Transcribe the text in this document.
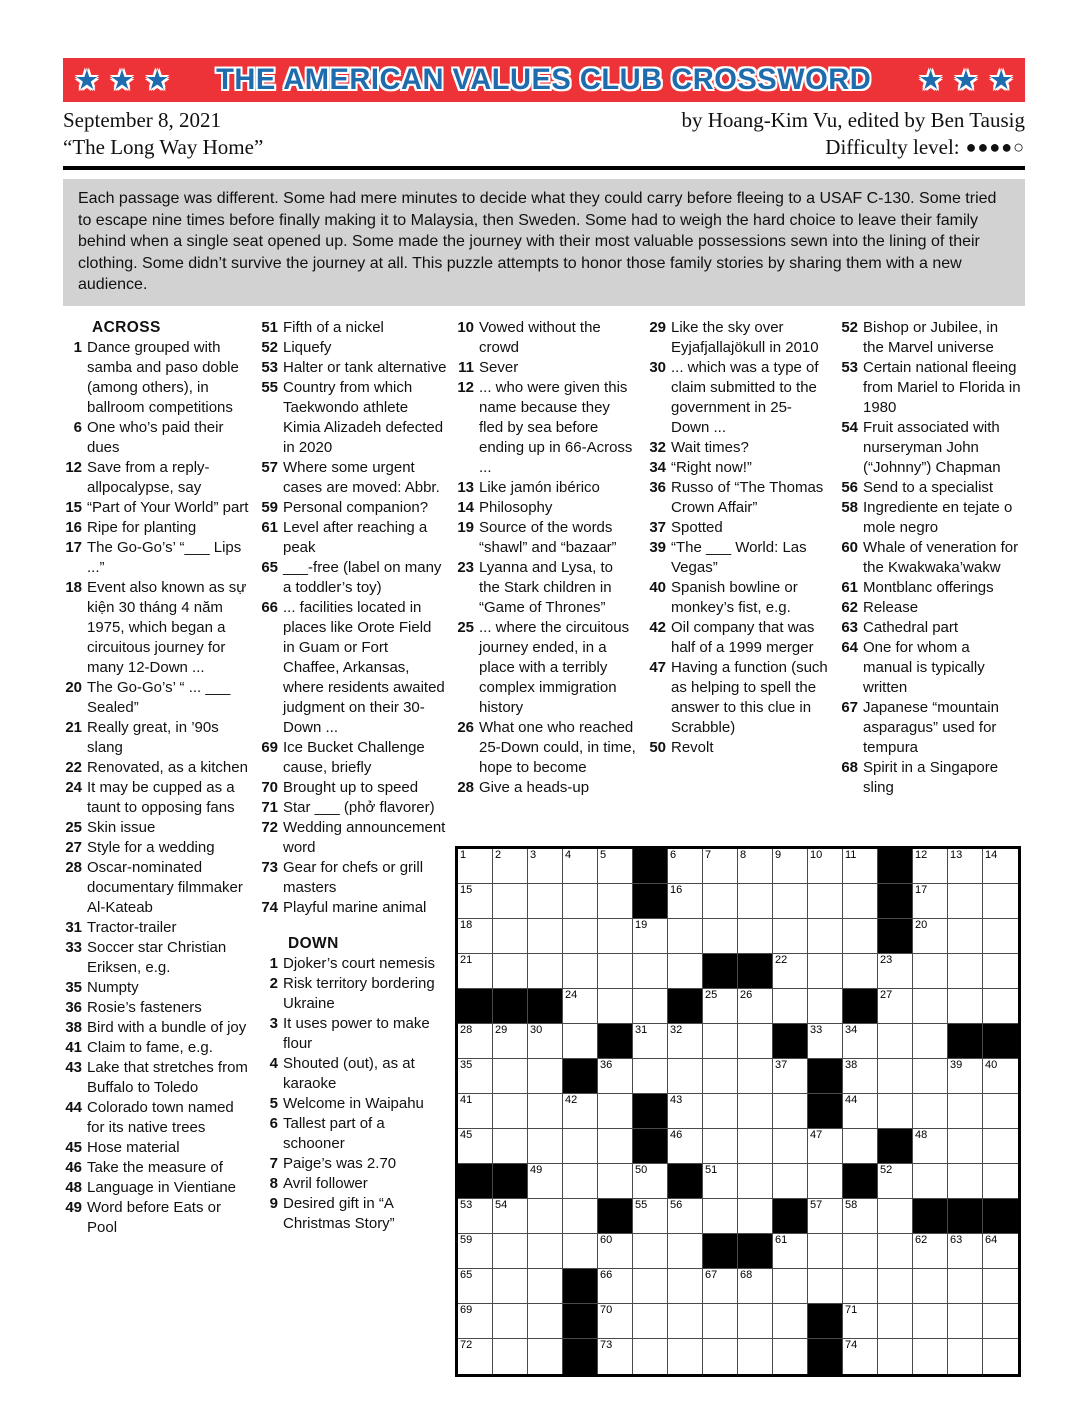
★★★ THE AMERICAN VALUES CLUB CROSSWORD	★★★
September 8, 2021
“The Long Way Home”
by Hoang-Kim Vu, edited by Ben Tausig
Difficulty level: ●●●●○
Each passage was different. Some had mere minutes to decide what they could carry before fleeing to a USAF C-130. Some tried to escape nine times before finally making it to Malaysia, then Sweden. Some had to weigh the hard choice to leave their family behind when a single seat opened up. Some made the journey with their most valuable possessions sewn into the lining of their clothing. Some didn’t survive the journey at all. This puzzle attempts to honor those family stories by sharing them with a new audience.
ACROSS
1 Dance grouped with samba and paso doble (among others), in ballroom competitions
6 One who’s paid their dues
12 Save from a reply-allpocalypse, say
15 “Part of Your World” part
16 Ripe for planting
17 The Go-Go’s’ “___ Lips ...”
18 Event also known as sự kiện 30 tháng 4 năm 1975, which began a circuitous journey for many 12-Down ...
20 The Go-Go’s’ “ ... ___ Sealed”
21 Really great, in ’90s slang
22 Renovated, as a kitchen
24 It may be cupped as a taunt to opposing fans
25 Skin issue
27 Style for a wedding
28 Oscar-nominated documentary filmmaker Al-Kateab
31 Tractor-trailer
33 Soccer star Christian Eriksen, e.g.
35 Numpty
36 Rosie’s fasteners
38 Bird with a bundle of joy
41 Claim to fame, e.g.
43 Lake that stretches from Buffalo to Toledo
44 Colorado town named for its native trees
45 Hose material
46 Take the measure of
48 Language in Vientiane
49 Word before Eats or Pool
51 Fifth of a nickel
52 Liquefy
53 Halter or tank alternative
55 Country from which Taekwondo athlete Kimia Alizadeh defected in 2020
57 Where some urgent cases are moved: Abbr.
59 Personal companion?
61 Level after reaching a peak
65 ___-free (label on many a toddler’s toy)
66 ... facilities located in places like Orote Field in Guam or Fort Chaffee, Arkansas, where residents awaited judgment on their 30-Down ...
69 Ice Bucket Challenge cause, briefly
70 Brought up to speed
71 Star ___ (phở flavorer)
72 Wedding announcement word
73 Gear for chefs or grill masters
74 Playful marine animal
DOWN
1 Djoker’s court nemesis
2 Risk territory bordering Ukraine
3 It uses power to make flour
4 Shouted (out), as at karaoke
5 Welcome in Waipahu
6 Tallest part of a schooner
7 Paige’s was 2.70
8 Avril follower
9 Desired gift in “A Christmas Story”
10 Vowed without the crowd
11 Sever
12 ... who were given this name because they fled by sea before ending up in 66-Across ...
13 Like jamón ibérico
14 Philosophy
19 Source of the words “shawl” and “bazaar”
23 Lyanna and Lysa, to the Stark children in “Game of Thrones”
25 ... where the circuitous journey ended, in a place with a terribly complex immigration history
26 What one who reached 25-Down could, in time, hope to become
28 Give a heads-up
29 Like the sky over Eyjafjallajökull in 2010
30 ... which was a type of claim submitted to the government in 25-Down ...
32 Wait times?
34 “Right now!”
36 Russo of “The Thomas Crown Affair”
37 Spotted
39 “The ___ World: Las Vegas”
40 Spanish bowline or monkey’s fist, e.g.
42 Oil company that was half of a 1999 merger
47 Having a function (such as helping to spell the answer to this clue in Scrabble)
50 Revolt
52 Bishop or Jubilee, in the Marvel universe
53 Certain national fleeing from Mariel to Florida in 1980
54 Fruit associated with nurseryman John (“Johnny”) Chapman
56 Send to a specialist
58 Ingrediente en tejate o mole negro
60 Whale of veneration for the Kwakwaka’wakw
61 Montblanc offerings
62 Release
63 Cathedral part
64 One for whom a manual is typically written
67 Japanese “mountain asparagus” used for tempura
68 Spirit in a Singapore sling
1	2	3	4	5	6	7	8	9	10 11	12 13 14
15	16	17
18	19	20
21	22	23
24	25 26	27
28 29 30	31 32	33 34
35	36	37	38	39 40
41	42	43	44
45	46	47	48
49	50	51	52
53 54	55 56	57 58
59	60	61	62 63 64
65	66	67 68
69	70	71
72	73	74
